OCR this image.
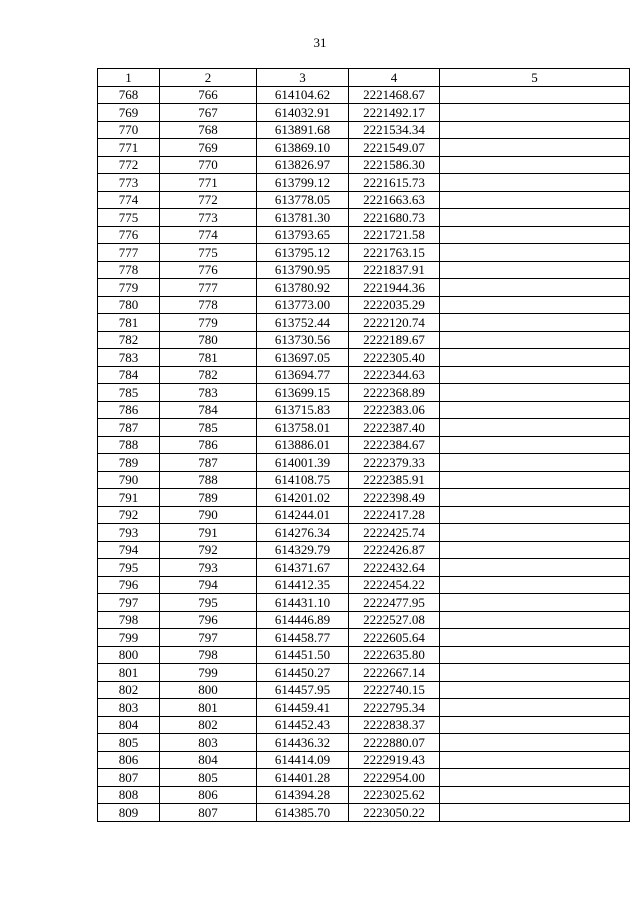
31
1	2	3	4	5
768	766	614104.62	2221468.67	
769	767	614032.91	2221492.17	
770	768	613891.68	2221534.34	
771	769	613869.10	2221549.07	
772	770	613826.97	2221586.30	
773	771	613799.12	2221615.73	
774	772	613778.05	2221663.63	
775	773	613781.30	2221680.73	
776	774	613793.65	2221721.58	
777	775	613795.12	2221763.15	
778	776	613790.95	2221837.91	
779	777	613780.92	2221944.36	
780	778	613773.00	2222035.29	
781	779	613752.44	2222120.74	
782	780	613730.56	2222189.67	
783	781	613697.05	2222305.40	
784	782	613694.77	2222344.63	
785	783	613699.15	2222368.89	
786	784	613715.83	2222383.06	
787	785	613758.01	2222387.40	
788	786	613886.01	2222384.67	
789	787	614001.39	2222379.33	
790	788	614108.75	2222385.91	
791	789	614201.02	2222398.49	
792	790	614244.01	2222417.28	
793	791	614276.34	2222425.74	
794	792	614329.79	2222426.87	
795	793	614371.67	2222432.64	
796	794	614412.35	2222454.22	
797	795	614431.10	2222477.95	
798	796	614446.89	2222527.08	
799	797	614458.77	2222605.64	
800	798	614451.50	2222635.80	
801	799	614450.27	2222667.14	
802	800	614457.95	2222740.15	
803	801	614459.41	2222795.34	
804	802	614452.43	2222838.37	
805	803	614436.32	2222880.07	
806	804	614414.09	2222919.43	
807	805	614401.28	2222954.00	
808	806	614394.28	2223025.62	
809	807	614385.70	2223050.22	
